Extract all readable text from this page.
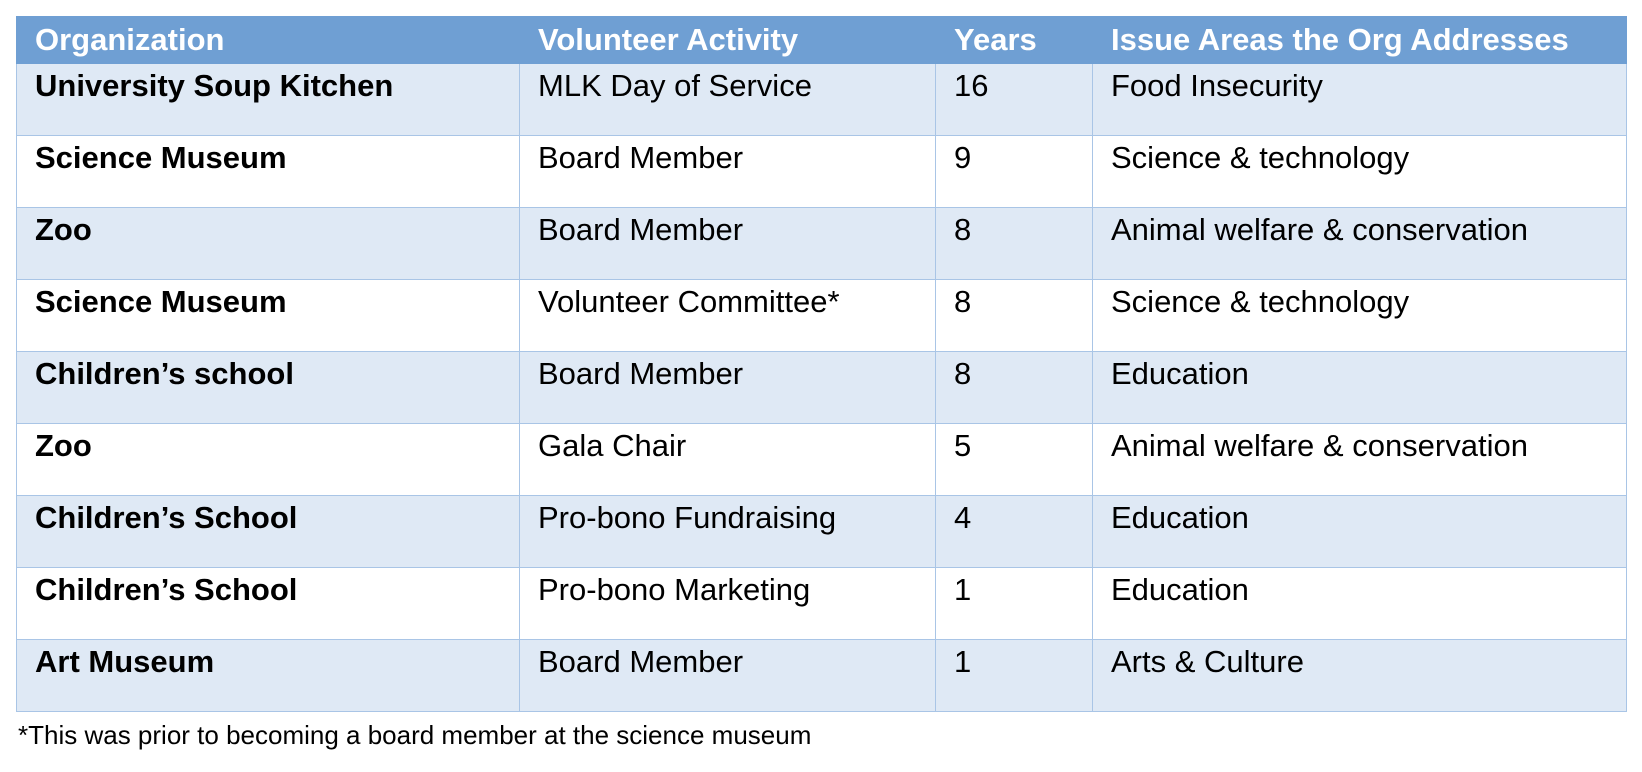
Organization	Volunteer Activity	Years	Issue Areas the Org Addresses
University Soup Kitchen	MLK Day of Service	16	Food Insecurity
Science Museum	Board Member	9	Science & technology
Zoo	Board Member	8	Animal welfare & conservation
Science Museum	Volunteer Committee*	8	Science & technology
Children’s school	Board Member	8	Education
Zoo	Gala Chair	5	Animal welfare & conservation
Children’s School	Pro-bono Fundraising	4	Education
Children’s School	Pro-bono Marketing	1	Education
Art Museum	Board Member	1	Arts & Culture
*This was prior to becoming a board member at the science museum
